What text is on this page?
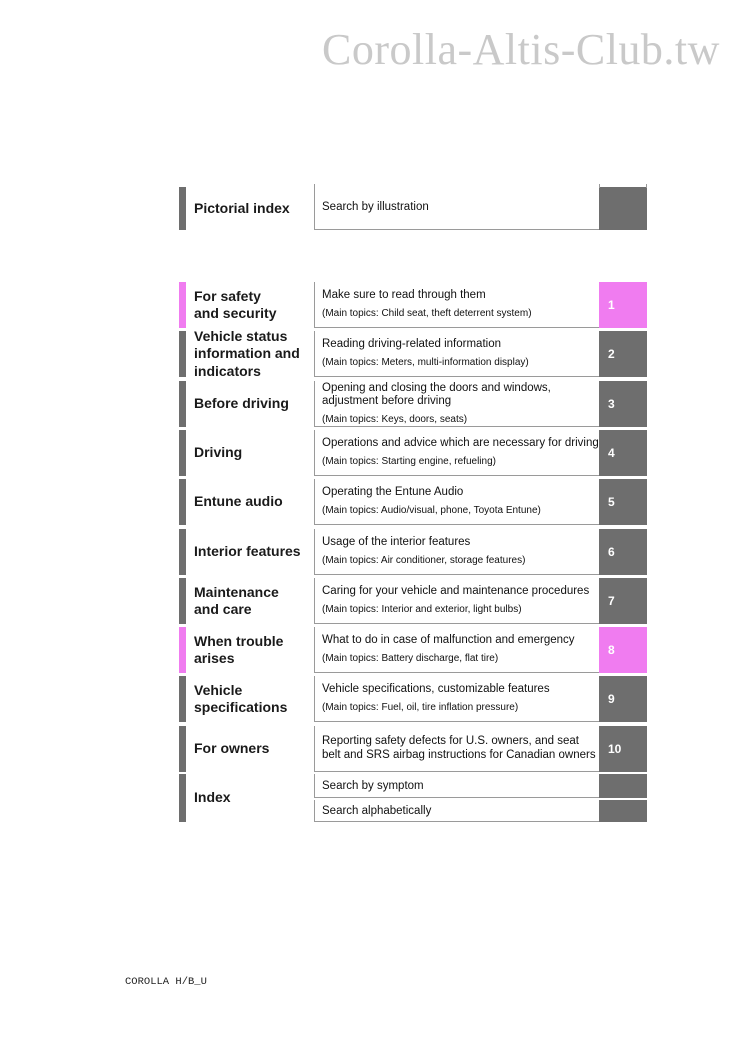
Corolla-Altis-Club.tw
Pictorial index	Search by illustration
For safety
and security
Make sure to read through them
(Main topics: Child seat, theft deterrent system)
1
Vehicle status
information and
indicators
Reading driving-related information
(Main topics: Meters, multi-information display)
2
Before driving
Opening and closing the doors and windows, adjustment before driving
(Main topics: Keys, doors, seats)
3
Driving
Operations and advice which are necessary for driving
(Main topics: Starting engine, refueling)
4
Entune audio
Operating the Entune Audio
(Main topics: Audio/visual, phone, Toyota Entune)
5
Interior features
Usage of the interior features
(Main topics: Air conditioner, storage features)
6
Maintenance
and care
Caring for your vehicle and maintenance procedures
(Main topics: Interior and exterior, light bulbs)
7
When trouble
arises
What to do in case of malfunction and emergency
(Main topics: Battery discharge, flat tire)
8
Vehicle
specifications
Vehicle specifications, customizable features
(Main topics: Fuel, oil, tire inflation pressure)
9
For owners	Reporting safety defects for U.S. owners, and seat belt and SRS airbag instructions for Canadian owners 10
Index
Search by symptom
Search alphabetically
COROLLA H/B_U
